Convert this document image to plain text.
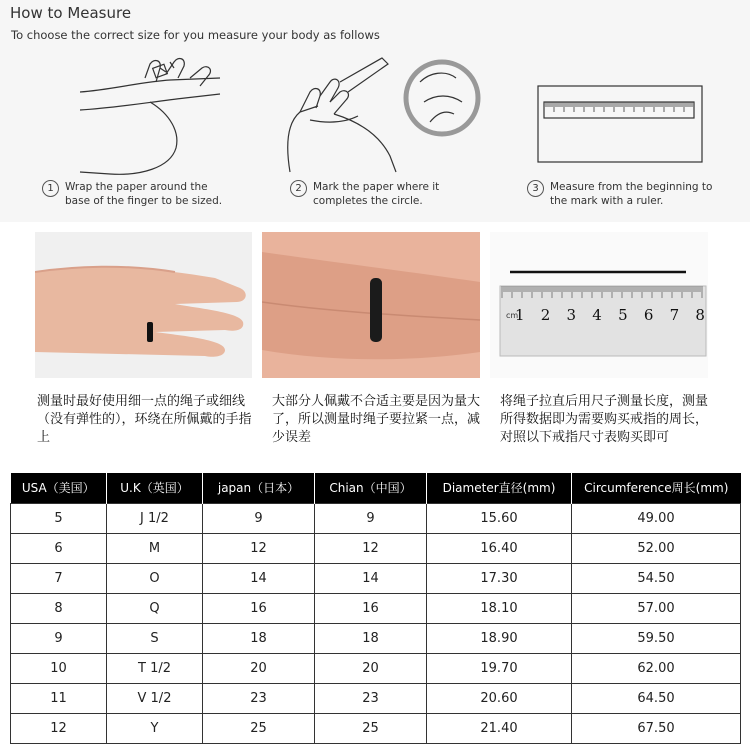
How to Measure
To choose the correct size for you measure your body as follows
1	Wrap the paper around the
base of the finger to be sized.
2	Mark the paper where it
completes the circle.
3	Measure from the beginning to
the mark with a ruler.
cm
1 2 3 4 5 6 7 8
测量时最好使用细一点的绳子或细线（没有弹性的），环绕在所佩戴的手指上
大部分人佩戴不合适主要是因为量大了，所以测量时绳子要拉紧一点，减少误差
将绳子拉直后用尺子测量长度，测量所得数据即为需要购买戒指的周长，对照以下戒指尺寸表购买即可
USA（美国）	U.K（英国）	japan（日本）	Chian（中国）	Diameter直径(mm)	Circumference周长(mm)
5	J 1/2	9	9	15.60	49.00
6	M	12	12	16.40	52.00
7	O	14	14	17.30	54.50
8	Q	16	16	18.10	57.00
9	S	18	18	18.90	59.50
10	T 1/2	20	20	19.70	62.00
11	V 1/2	23	23	20.60	64.50
12	Y	25	25	21.40	67.50
